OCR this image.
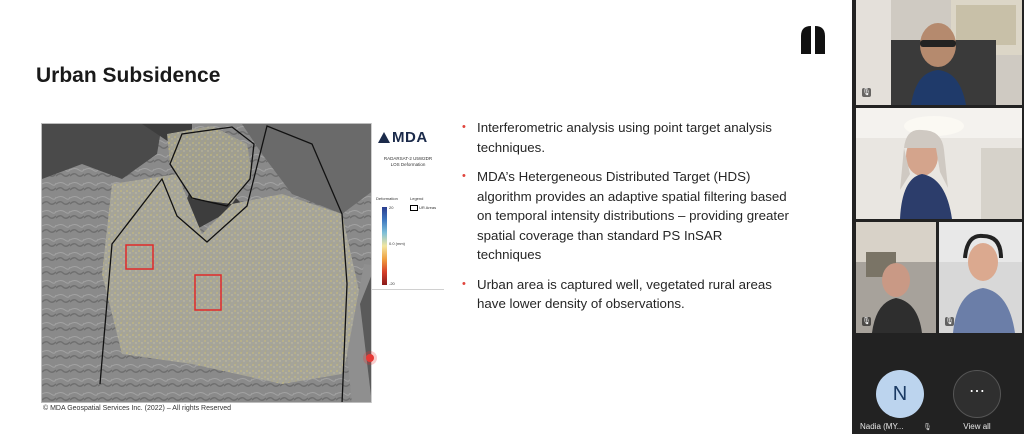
Urban Subsidence
MDA
RADARSAT-2 U5W2DR
LOS Deformation
Deformation	Legend
20
0.0 (mm)
-20
UR Areas
© MDA Geospatial Services Inc. (2022) – All rights Reserved
• Interferometric analysis using point target analysis techniques.
• MDA’s Hetergeneous Distributed Target (HDS) algorithm provides an adaptive spatial filtering based on temporal intensity distributions – providing greater spatial coverage than standard PS InSAR techniques
• Urban area is captured well, vegetated rural areas have lower density of observations.
🎙
🎙	🎙
N
Nadia (MY...	🎙
⋯
View all
